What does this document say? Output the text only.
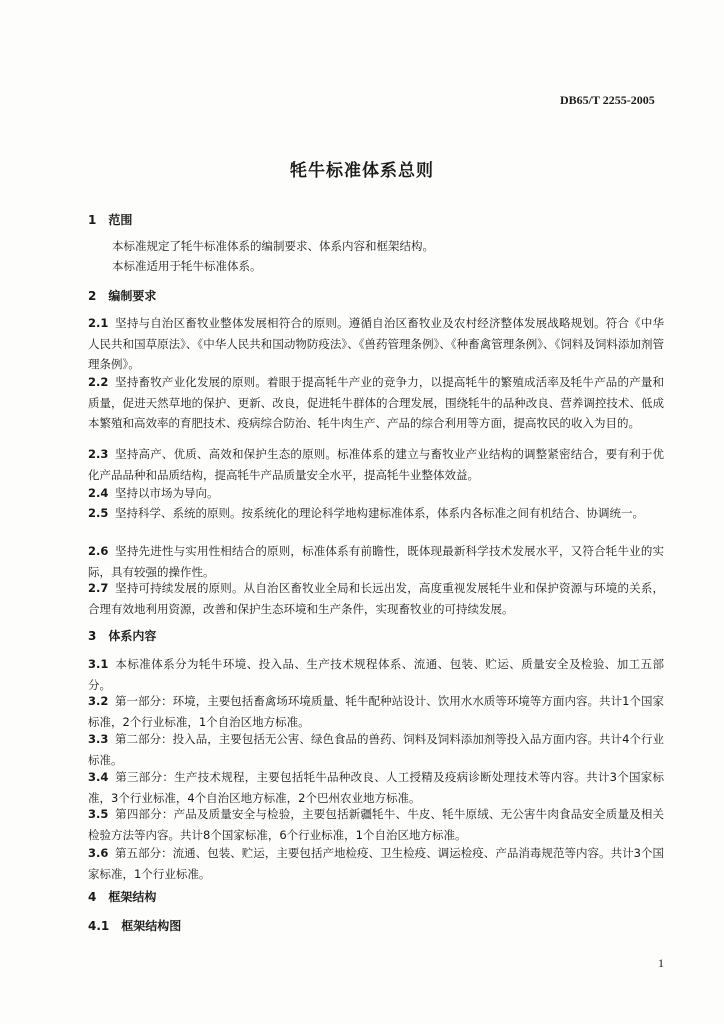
DB65/T 2255-2005
牦牛标准体系总则
1　范围
本标准规定了牦牛标准体系的编制要求、体系内容和框架结构。
本标准适用于牦牛标准体系。
2　编制要求
2.1 坚持与自治区畜牧业整体发展相符合的原则。遵循自治区畜牧业及农村经济整体发展战略规划。符合《中华人民共和国草原法》、《中华人民共和国动物防疫法》、《兽药管理条例》、《种畜禽管理条例》、《饲料及饲料添加剂管理条例》。
2.2 坚持畜牧产业化发展的原则。着眼于提高牦牛产业的竞争力，以提高牦牛的繁殖成活率及牦牛产品的产量和质量，促进天然草地的保护、更新、改良，促进牦牛群体的合理发展，围绕牦牛的品种改良、营养调控技术、低成本繁殖和高效率的育肥技术、疫病综合防治、牦牛肉生产、产品的综合利用等方面，提高牧民的收入为目的。
2.3 坚持高产、优质、高效和保护生态的原则。标准体系的建立与畜牧业产业结构的调整紧密结合，要有利于优化产品品种和品质结构，提高牦牛产品质量安全水平，提高牦牛业整体效益。
2.4 坚持以市场为导向。
2.5 坚持科学、系统的原则。按系统化的理论科学地构建标准体系，体系内各标准之间有机结合、协调统一。
2.6 坚持先进性与实用性相结合的原则，标准体系有前瞻性，既体现最新科学技术发展水平，又符合牦牛业的实际，具有较强的操作性。
2.7 坚持可持续发展的原则。从自治区畜牧业全局和长远出发，高度重视发展牦牛业和保护资源与环境的关系，合理有效地利用资源，改善和保护生态环境和生产条件，实现畜牧业的可持续发展。
3　体系内容
3.1 本标准体系分为牦牛环境、投入品、生产技术规程体系、流通、包装、贮运、质量安全及检验、加工五部分。
3.2 第一部分：环境，主要包括畜禽场环境质量、牦牛配种站设计、饮用水水质等环境等方面内容。共计1个国家标准，2个行业标准，1个自治区地方标准。
3.3 第二部分：投入品，主要包括无公害、绿色食品的兽药、饲料及饲料添加剂等投入品方面内容。共计4个行业标准。
3.4 第三部分：生产技术规程，主要包括牦牛品种改良、人工授精及疫病诊断处理技术等内容。共计3个国家标准，3个行业标准，4个自治区地方标准，2个巴州农业地方标准。
3.5 第四部分：产品及质量安全与检验，主要包括新疆牦牛、牛皮、牦牛原绒、无公害牛肉食品安全质量及相关检验方法等内容。共计8个国家标准，6个行业标准，1个自治区地方标准。
3.6 第五部分：流通、包装、贮运，主要包括产地检疫、卫生检疫、调运检疫、产品消毒规范等内容。共计3个国家标准，1个行业标准。
4　框架结构
4.1　框架结构图
1
